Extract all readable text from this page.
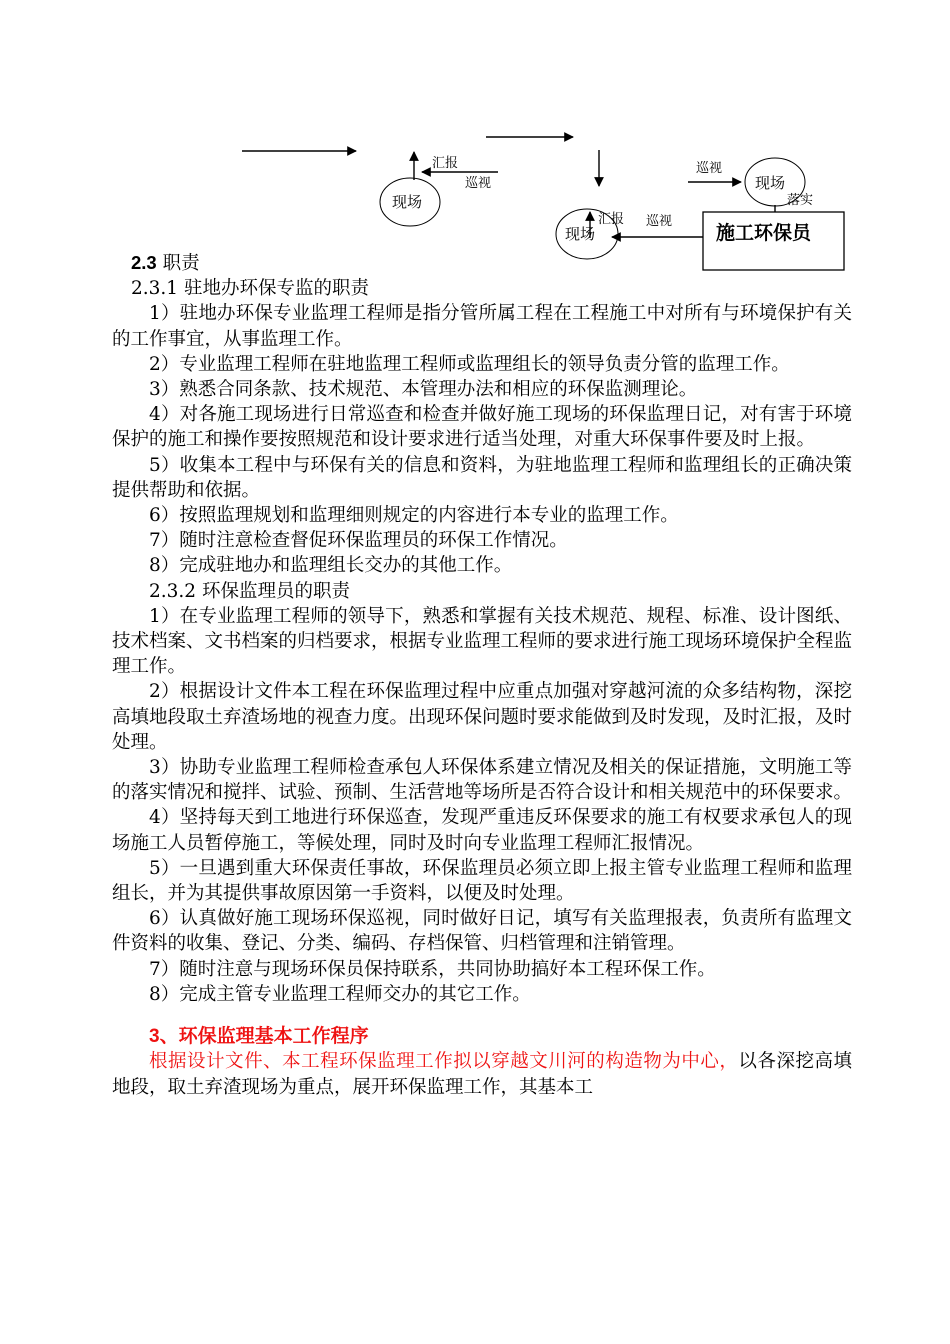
汇报
巡视
现场
汇报 巡视
现场
巡视
现场
落实
施工环保员

2.3 职责

2.3.1 驻地办环保专监的职责

1）驻地办环保专业监理工程师是指分管所属工程在工程施工中对所有与环境保护有关的工作事宜，从事监理工作。

2）专业监理工程师在驻地监理工程师或监理组长的领导负责分管的监理工作。

3）熟悉合同条款、技术规范、本管理办法和相应的环保监测理论。

4）对各施工现场进行日常巡查和检查并做好施工现场的环保监理日记，对有害于环境保护的施工和操作要按照规范和设计要求进行适当处理，对重大环保事件要及时上报。

5）收集本工程中与环保有关的信息和资料，为驻地监理工程师和监理组长的正确决策提供帮助和依据。

6）按照监理规划和监理细则规定的内容进行本专业的监理工作。

7）随时注意检查督促环保监理员的环保工作情况。

8）完成驻地办和监理组长交办的其他工作。

2.3.2 环保监理员的职责

1）在专业监理工程师的领导下，熟悉和掌握有关技术规范、规程、标准、设计图纸、技术档案、文书档案的归档要求，根据专业监理工程师的要求进行施工现场环境保护全程监理工作。

2）根据设计文件本工程在环保监理过程中应重点加强对穿越河流的众多结构物，深挖高填地段取土弃渣场地的视查力度。出现环保问题时要求能做到及时发现，及时汇报，及时处理。

3）协助专业监理工程师检查承包人环保体系建立情况及相关的保证措施，文明施工等的落实情况和搅拌、试验、预制、生活营地等场所是否符合设计和相关规范中的环保要求。

4）坚持每天到工地进行环保巡查，发现严重违反环保要求的施工有权要求承包人的现场施工人员暂停施工，等候处理，同时及时向专业监理工程师汇报情况。

5）一旦遇到重大环保责任事故，环保监理员必须立即上报主管专业监理工程师和监理组长，并为其提供事故原因第一手资料，以便及时处理。

6）认真做好施工现场环保巡视，同时做好日记，填写有关监理报表，负责所有监理文件资料的收集、登记、分类、编码、存档保管、归档管理和注销管理。

7）随时注意与现场环保员保持联系，共同协助搞好本工程环保工作。

8）完成主管专业监理工程师交办的其它工作。

3、环保监理基本工作程序

根据设计文件、本工程环保监理工作拟以穿越文川河的构造物为中心，以各深挖高填地段，取土弃渣现场为重点，展开环保监理工作，其基本工
